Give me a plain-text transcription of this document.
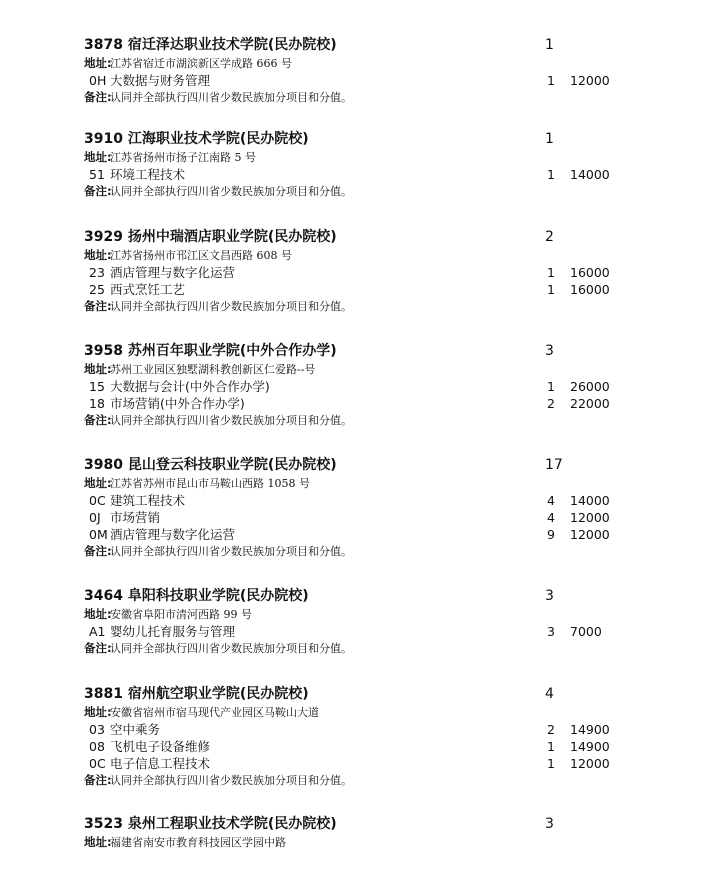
3878 宿迁泽达职业技术学院(民办院校)	1
地址:
江苏省宿迁市湖滨新区学成路 666 号
0H 大数据与财务管理	1 12000
备注:
认同并全部执行四川省少数民族加分项目和分值。
3910 江海职业技术学院(民办院校)	1
地址:
江苏省扬州市扬子江南路 5 号
51 环境工程技术	1 14000
备注:
认同并全部执行四川省少数民族加分项目和分值。
3929 扬州中瑞酒店职业学院(民办院校)	2
地址:
江苏省扬州市邗江区文昌西路 608 号
23 酒店管理与数字化运营	1 16000
25 西式烹饪工艺	1 16000
备注:
认同并全部执行四川省少数民族加分项目和分值。
3958 苏州百年职业学院(中外合作办学)	3
地址:
苏州工业园区独墅湖科教创新区仁爱路--号
15 大数据与会计(中外合作办学)	1 26000
18 市场营销(中外合作办学)	2 22000
备注:
认同并全部执行四川省少数民族加分项目和分值。
3980 昆山登云科技职业学院(民办院校)	17
地址:
江苏省苏州市昆山市马鞍山西路 1058 号
0C 建筑工程技术	4 14000
0J 市场营销	4 12000
0M 酒店管理与数字化运营	9 12000
备注:
认同并全部执行四川省少数民族加分项目和分值。
3464 阜阳科技职业学院(民办院校)	3
地址:
安徽省阜阳市清河西路 99 号
A1 婴幼儿托育服务与管理	3 7000
备注:
认同并全部执行四川省少数民族加分项目和分值。
3881 宿州航空职业学院(民办院校)	4
地址:
安徽省宿州市宿马现代产业园区马鞍山大道
03 空中乘务	2 14900
08 飞机电子设备维修	1 14900
0C 电子信息工程技术	1 12000
备注:
认同并全部执行四川省少数民族加分项目和分值。
3523 泉州工程职业技术学院(民办院校)	3
地址:
福建省南安市教育科技园区学园中路
